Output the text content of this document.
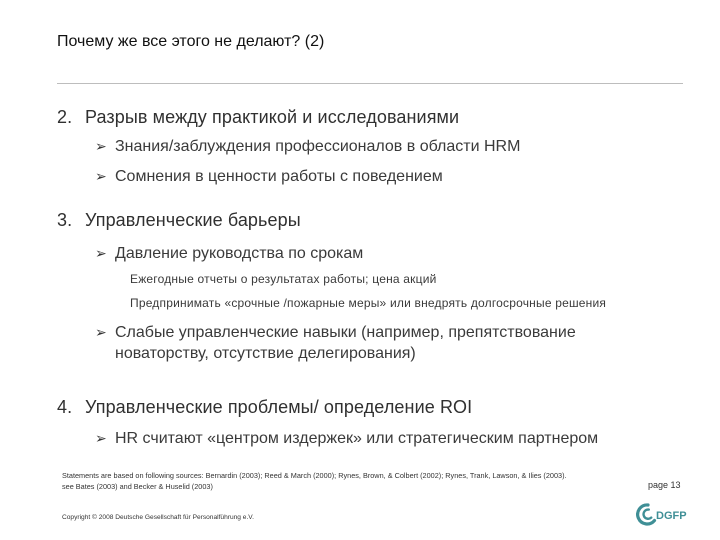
Почему же все этого не делают? (2)
2. Разрыв между практикой и исследованиями
➢ Знания/заблуждения профессионалов в области HRM
➢ Сомнения в ценности работы с поведением
3. Управленческие барьеры
➢ Давление руководства по срокам
Ежегодные отчеты о результатах работы; цена акций
Предпринимать «срочные /пожарные меры» или внедрять долгосрочные решения
➢ Слабые управленческие навыки (например, препятствование новаторству, отсутствие делегирования)
4. Управленческие проблемы/ определение ROI
➢ HR считают «центром издержек» или стратегическим партнером
Statements are based on following sources: Bernardin (2003); Reed & March (2000); Rynes, Brown, & Colbert (2002); Rynes, Trank, Lawson, & Ilies (2003).
see Bates (2003) and Becker & Huselid (2003)	page 13
Copyright © 2008 Deutsche Gesellschaft für Personalführung e.V.	DGFP
